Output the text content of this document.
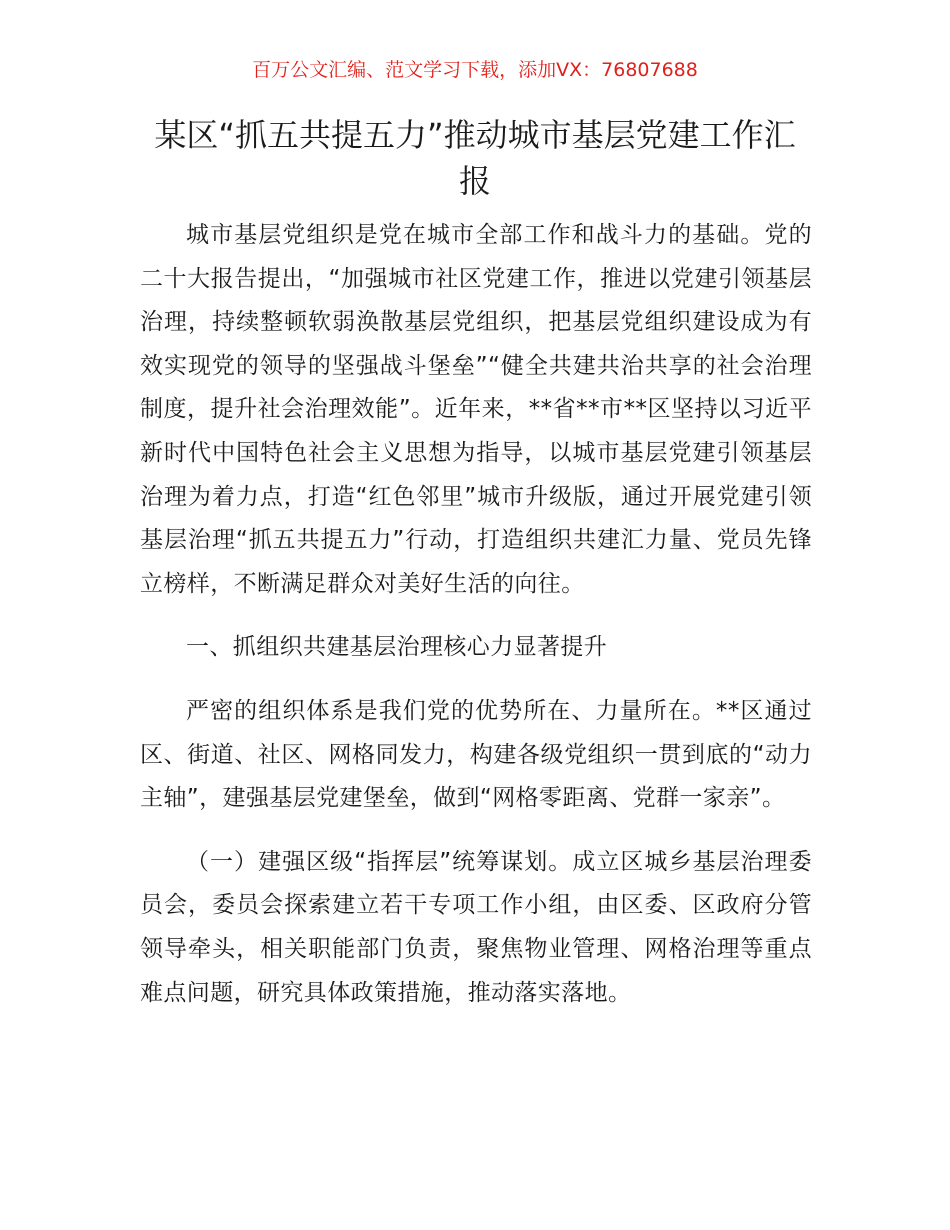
百万公文汇编、范文学习下载，添加VX：76807688
某区“抓五共提五力”推动城市基层党建工作汇报

城市基层党组织是党在城市全部工作和战斗力的基础。党的二十大报告提出，“加强城市社区党建工作，推进以党建引领基层治理，持续整顿软弱涣散基层党组织，把基层党组织建设成为有效实现党的领导的坚强战斗堡垒”“健全共建共治共享的社会治理制度，提升社会治理效能”。近年来，**省**市**区坚持以习近平新时代中国特色社会主义思想为指导，以城市基层党建引领基层治理为着力点，打造“红色邻里”城市升级版，通过开展党建引领基层治理“抓五共提五力”行动，打造组织共建汇力量、党员先锋立榜样，不断满足群众对美好生活的向往。

一、抓组织共建基层治理核心力显著提升

严密的组织体系是我们党的优势所在、力量所在。**区通过区、街道、社区、网格同发力，构建各级党组织一贯到底的“动力主轴”，建强基层党建堡垒，做到“网格零距离、党群一家亲”。

（一）建强区级“指挥层”统筹谋划。成立区城乡基层治理委员会，委员会探索建立若干专项工作小组，由区委、区政府分管领导牵头，相关职能部门负责，聚焦物业管理、网格治理等重点难点问题，研究具体政策措施，推动落实落地。
